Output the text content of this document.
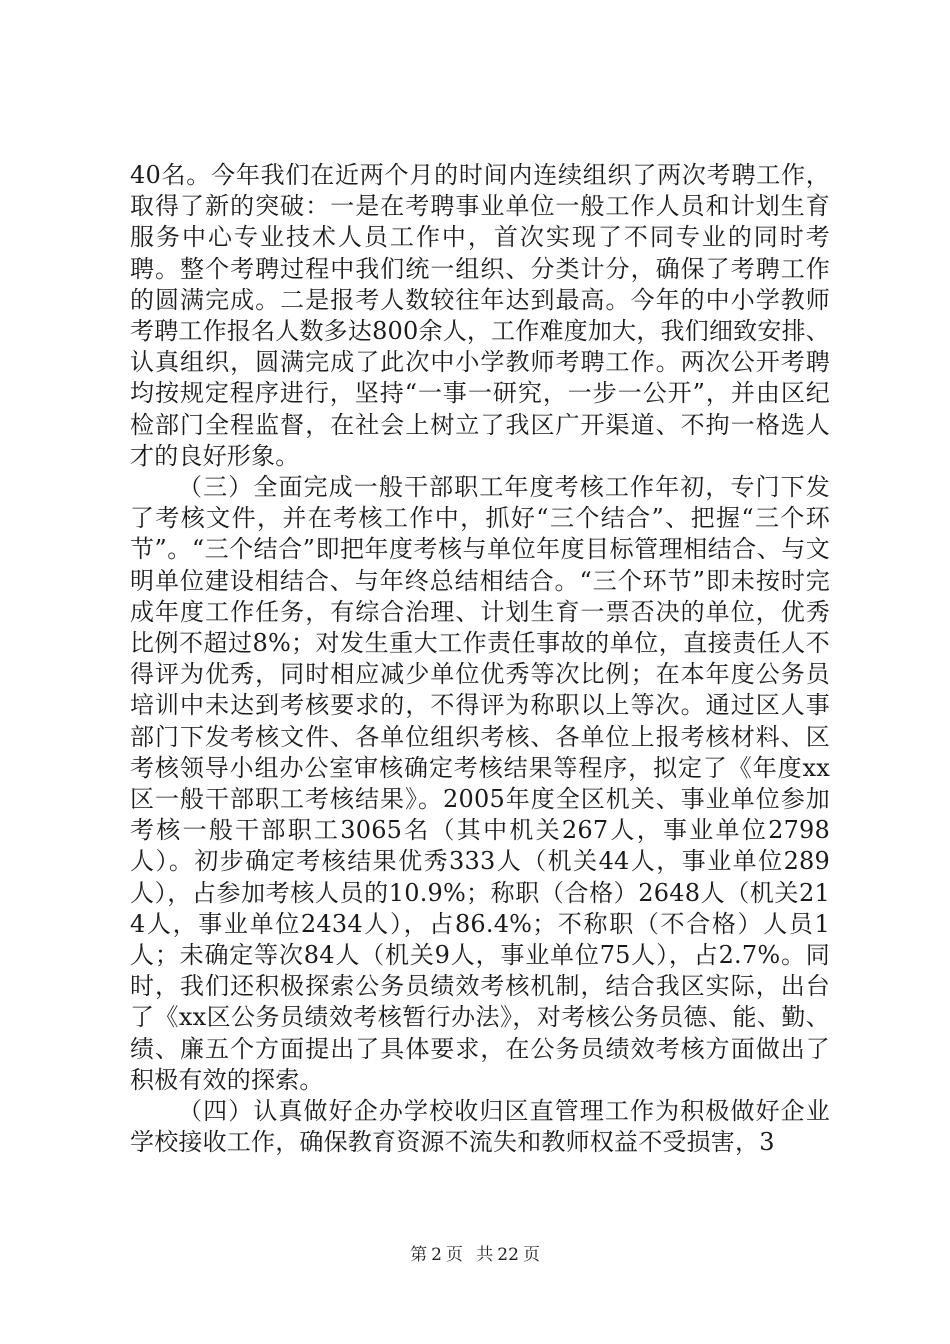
40名。今年我们在近两个月的时间内连续组织了两次考聘工作，取得了新的突破：一是在考聘事业单位一般工作人员和计划生育服务中心专业技术人员工作中，首次实现了不同专业的同时考聘。整个考聘过程中我们统一组织、分类计分，确保了考聘工作的圆满完成。二是报考人数较往年达到最高。今年的中小学教师考聘工作报名人数多达800余人，工作难度加大，我们细致安排、认真组织，圆满完成了此次中小学教师考聘工作。两次公开考聘均按规定程序进行，坚持“一事一研究，一步一公开”，并由区纪检部门全程监督，在社会上树立了我区广开渠道、不拘一格选人才的良好形象。

（三）全面完成一般干部职工年度考核工作年初，专门下发了考核文件，并在考核工作中，抓好“三个结合”、把握“三个环节”。“三个结合”即把年度考核与单位年度目标管理相结合、与文明单位建设相结合、与年终总结相结合。“三个环节”即未按时完成年度工作任务，有综合治理、计划生育一票否决的单位，优秀比例不超过8%；对发生重大工作责任事故的单位，直接责任人不得评为优秀，同时相应减少单位优秀等次比例；在本年度公务员培训中未达到考核要求的，不得评为称职以上等次。通过区人事部门下发考核文件、各单位组织考核、各单位上报考核材料、区考核领导小组办公室审核确定考核结果等程序，拟定了《年度xx区一般干部职工考核结果》。2005年度全区机关、事业单位参加考核一般干部职工3065名（其中机关267人，事业单位2798人）。初步确定考核结果优秀333人（机关44人，事业单位289人），占参加考核人员的10.9%；称职（合格）2648人（机关214人，事业单位2434人），占86.4%；不称职（不合格）人员1人；未确定等次84人（机关9人，事业单位75人），占2.7%。同时，我们还积极探索公务员绩效考核机制，结合我区实际，出台了《xx区公务员绩效考核暂行办法》，对考核公务员德、能、勤、绩、廉五个方面提出了具体要求，在公务员绩效考核方面做出了积极有效的探索。

（四）认真做好企办学校收归区直管理工作为积极做好企业学校接收工作，确保教育资源不流失和教师权益不受损害，3

第 2 页 共 22 页
